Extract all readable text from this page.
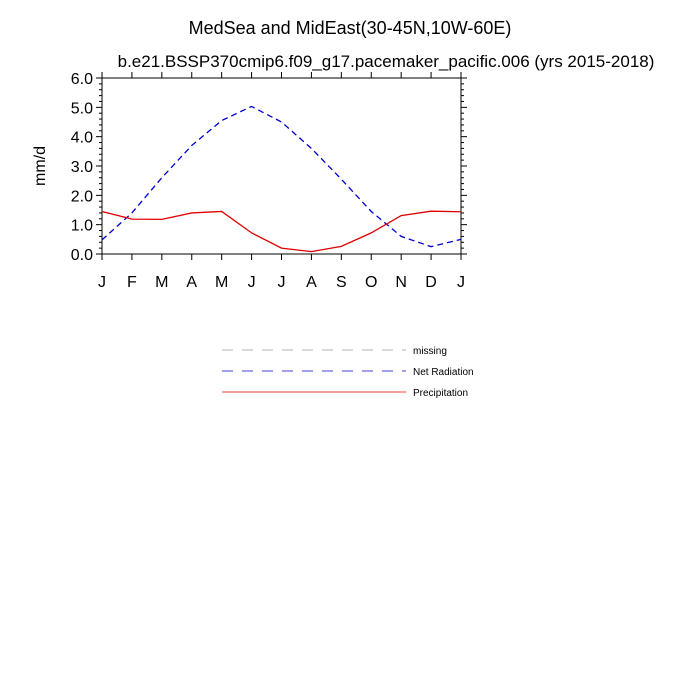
MedSea and MidEast(30-45N,10W-60E)
b.e21.BSSP370cmip6.f09_g17.pacemaker_pacific.006 (yrs 2015-2018)
mm/d
0.0
1.0
2.0
3.0
4.0
5.0
6.0
J F M A M J J A S O N D J
missing
Net Radiation
Precipitation
